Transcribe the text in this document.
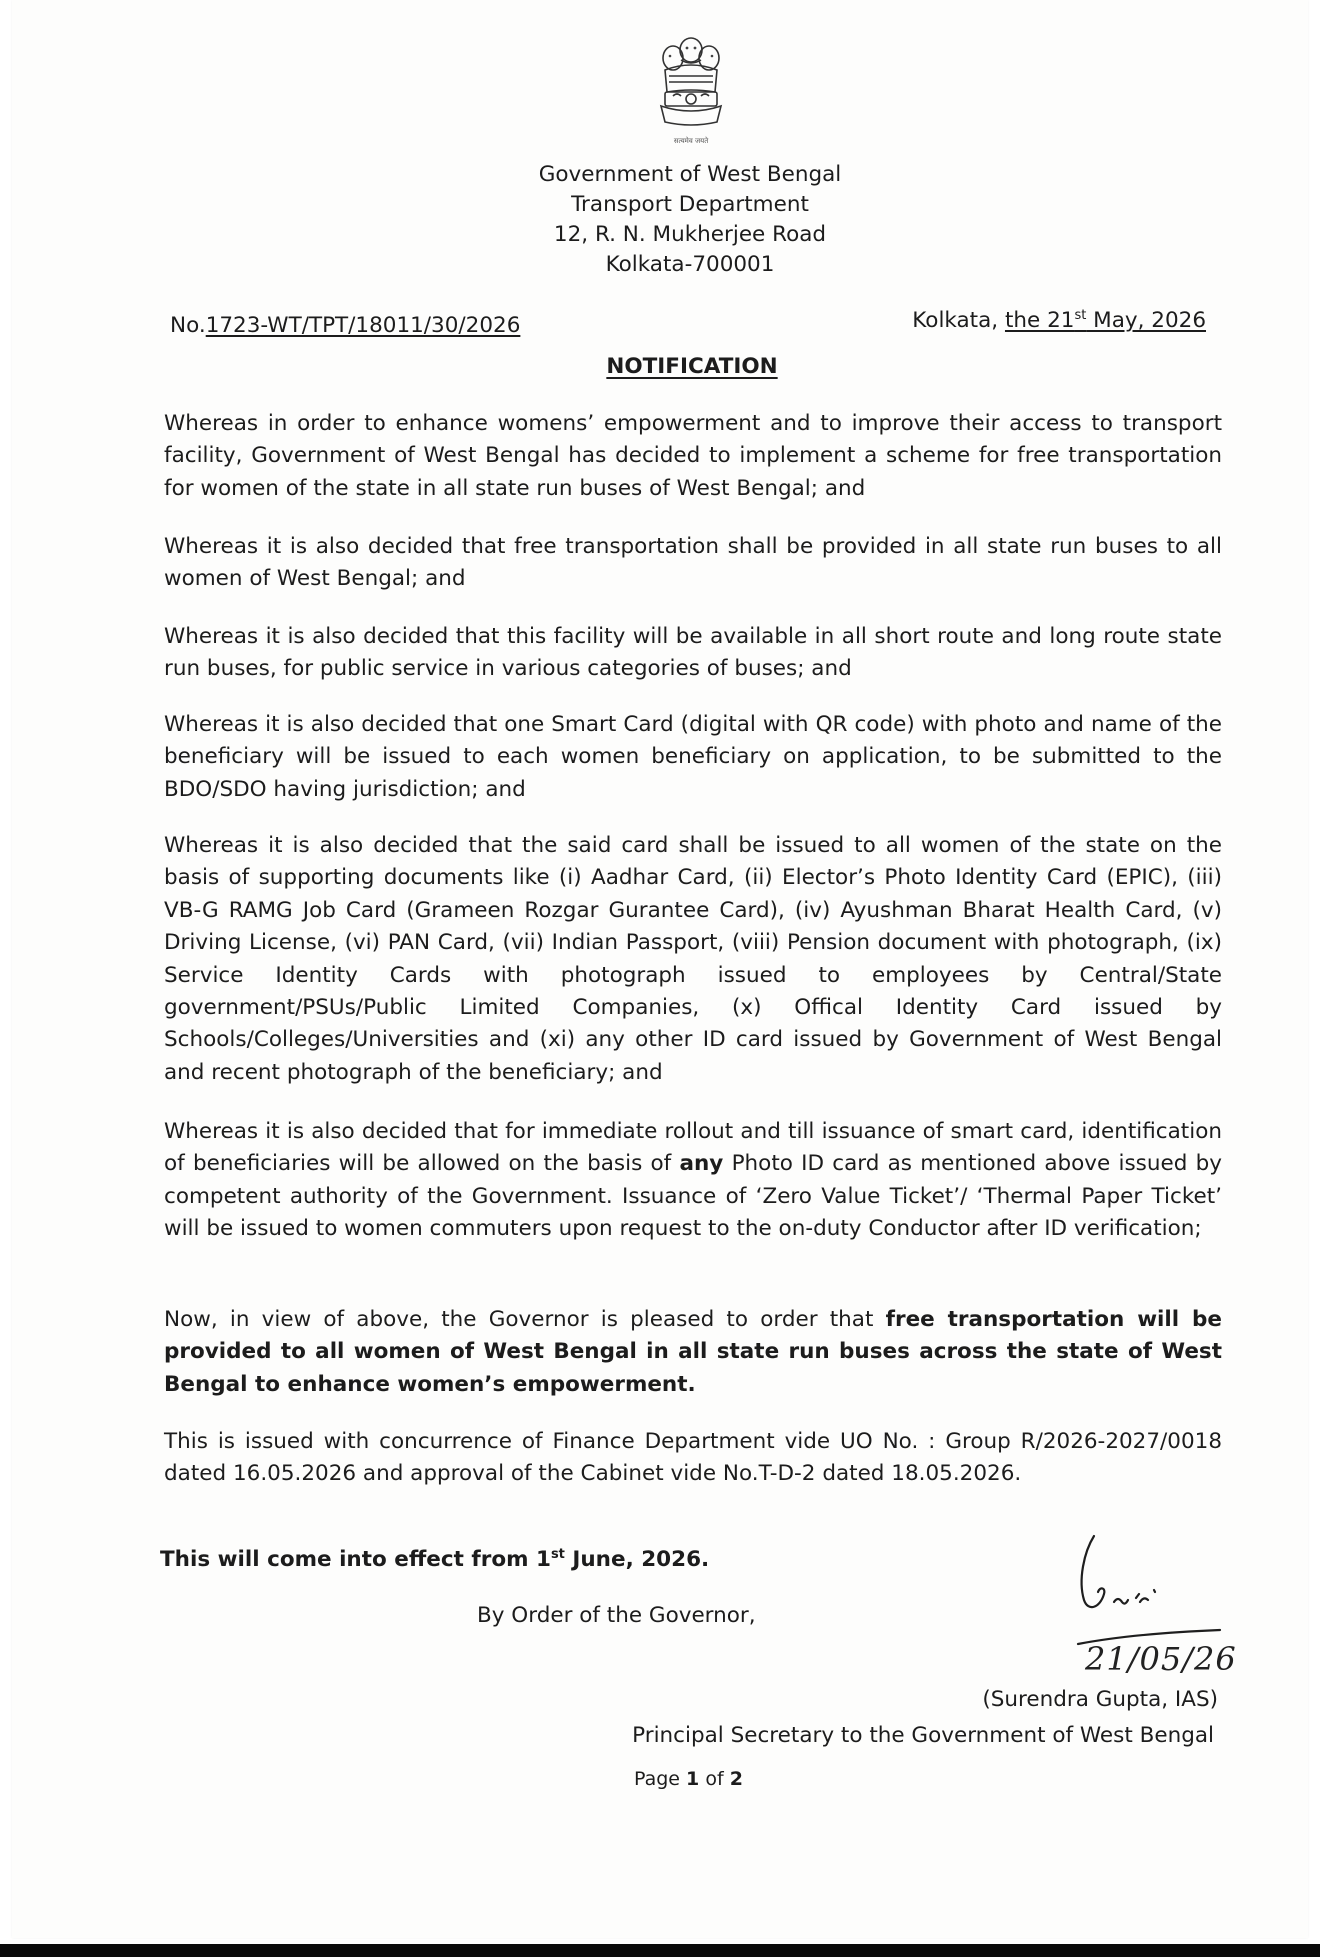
सत्यमेव जयते
Government of West Bengal
Transport Department
12, R. N. Mukherjee Road
Kolkata-700001
No.1723-WT/TPT/18011/30/2026	Kolkata, the 21st May, 2026
NOTIFICATION

Whereas in order to enhance womens’ empowerment and to improve their access to transport facility, Government of West Bengal has decided to implement a scheme for free transportation for women of the state in all state run buses of West Bengal; and

Whereas it is also decided that free transportation shall be provided in all state run buses to all women of West Bengal; and

Whereas it is also decided that this facility will be available in all short route and long route state run buses, for public service in various categories of buses; and

Whereas it is also decided that one Smart Card (digital with QR code) with photo and name of the beneficiary will be issued to each women beneficiary on application, to be submitted to the BDO/SDO having jurisdiction; and

Whereas it is also decided that the said card shall be issued to all women of the state on the basis of supporting documents like (i) Aadhar Card, (ii) Elector’s Photo Identity Card (EPIC), (iii) VB-G RAMG Job Card (Grameen Rozgar Gurantee Card), (iv) Ayushman Bharat Health Card, (v) Driving License, (vi) PAN Card, (vii) Indian Passport, (viii) Pension document with photograph, (ix) Service Identity Cards with photograph issued to employees by Central/State government/PSUs/Public Limited Companies, (x) Offical Identity Card issued by Schools/Colleges/Universities and (xi) any other ID card issued by Government of West Bengal and recent photograph of the beneficiary; and

Whereas it is also decided that for immediate rollout and till issuance of smart card, identification of beneficiaries will be allowed on the basis of any Photo ID card as mentioned above issued by competent authority of the Government. Issuance of ‘Zero Value Ticket’/ ‘Thermal Paper Ticket’ will be issued to women commuters upon request to the on-duty Conductor after ID verification;

Now, in view of above, the Governor is pleased to order that free transportation will be provided to all women of West Bengal in all state run buses across the state of West Bengal to enhance women’s empowerment.

This is issued with concurrence of Finance Department vide UO No. : Group R/2026-2027/0018 dated 16.05.2026 and approval of the Cabinet vide No.T-D-2 dated 18.05.2026.

This will come into effect from 1st June, 2026.
By Order of the Governor,
21/05/26
(Surendra Gupta, IAS)
Principal Secretary to the Government of West Bengal
Page 1 of 2
